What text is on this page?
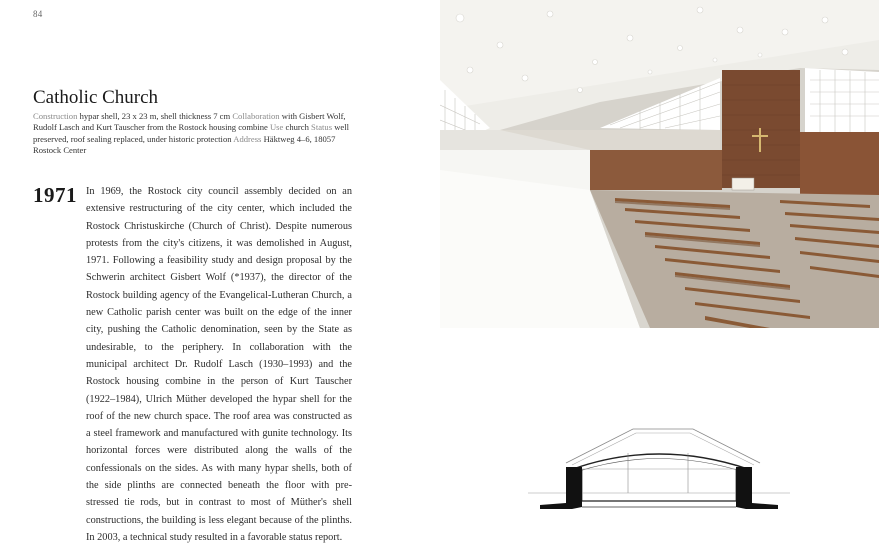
84
Catholic Church
Construction hypar shell, 23 x 23 m, shell thickness 7 cm Collaboration with Gisbert Wolf, Rudolf Lasch and Kurt Tauscher from the Rostock housing combine Use church Status well preserved, roof sealing replaced, under historic protection Address Häktweg 4–6, 18057 Rostock Center
1971 In 1969, the Rostock city council assembly decided on an extensive restructuring of the city center, which included the Rostock Christuskirche (Church of Christ). Despite numerous protests from the city's citizens, it was demolished in August, 1971. Following a feasibility study and design proposal by the Schwerin architect Gisbert Wolf (*1937), the director of the Rostock building agency of the Evangelical-Lutheran Church, a new Catholic parish center was built on the edge of the inner city, pushing the Catholic denomination, seen by the State as undesirable, to the periphery. In collaboration with the municipal architect Dr. Rudolf Lasch (1930–1993) and the Rostock housing combine in the person of Kurt Tauscher (1922–1984), Ulrich Müther developed the hypar shell for the roof of the new church space. The roof area was constructed as a steel framework and manufactured with gunite technology. Its horizontal forces were distributed along the walls of the confessionals on the sides. As with many hypar shells, both of the side plinths are connected beneath the floor with pre-stressed tie rods, but in contrast to most of Müther's shell constructions, the building is less elegant because of the plinths. In 2003, a technical study resulted in a favorable status report.
